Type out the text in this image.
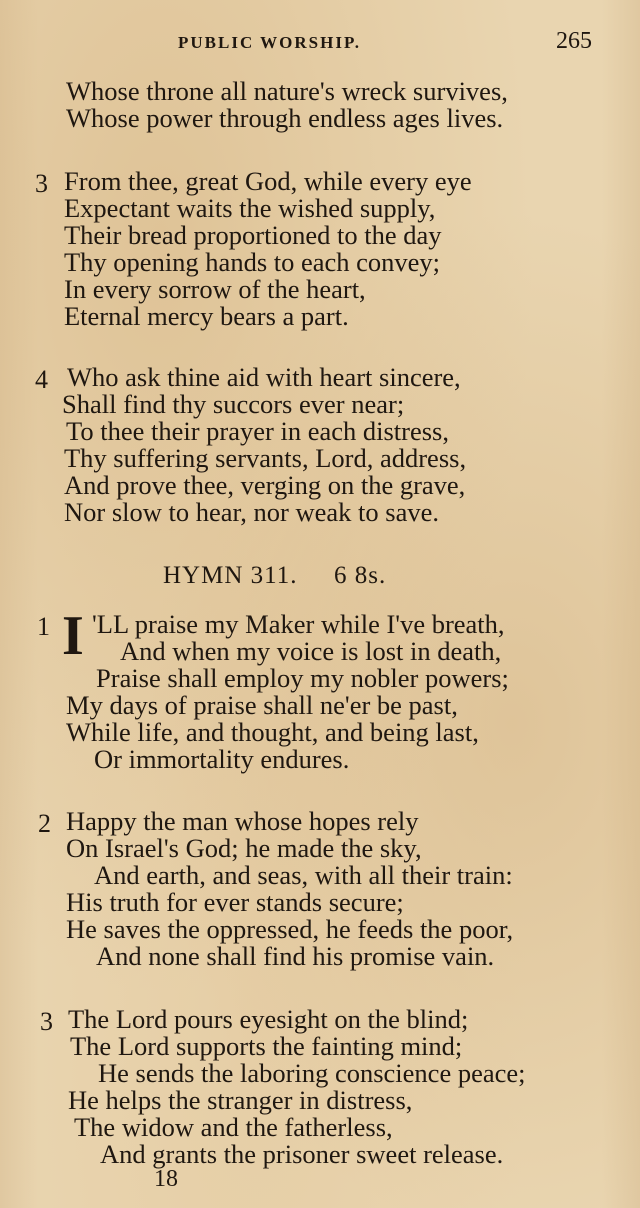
PUBLIC WORSHIP.	265
Whose throne all nature's wreck survives,
Whose power through endless ages lives.
3 From thee, great God, while every eye
Expectant waits the wished supply,
Their bread proportioned to the day
Thy opening hands to each convey;
In every sorrow of the heart,
Eternal mercy bears a part.
4 Who ask thine aid with heart sincere,
Shall find thy succors ever near;
To thee their prayer in each distress,
Thy suffering servants, Lord, address,
And prove thee, verging on the grave,
Nor slow to hear, nor weak to save.
HYMN 311. 6 8s.
1 I 'LL praise my Maker while I've breath,
And when my voice is lost in death,
Praise shall employ my nobler powers;
My days of praise shall ne'er be past,
While life, and thought, and being last,
Or immortality endures.
2 Happy the man whose hopes rely
On Israel's God; he made the sky,
And earth, and seas, with all their train:
His truth for ever stands secure;
He saves the oppressed, he feeds the poor,
And none shall find his promise vain.
3 The Lord pours eyesight on the blind;
The Lord supports the fainting mind;
He sends the laboring conscience peace;
He helps the stranger in distress,
The widow and the fatherless,
And grants the prisoner sweet release.
18
